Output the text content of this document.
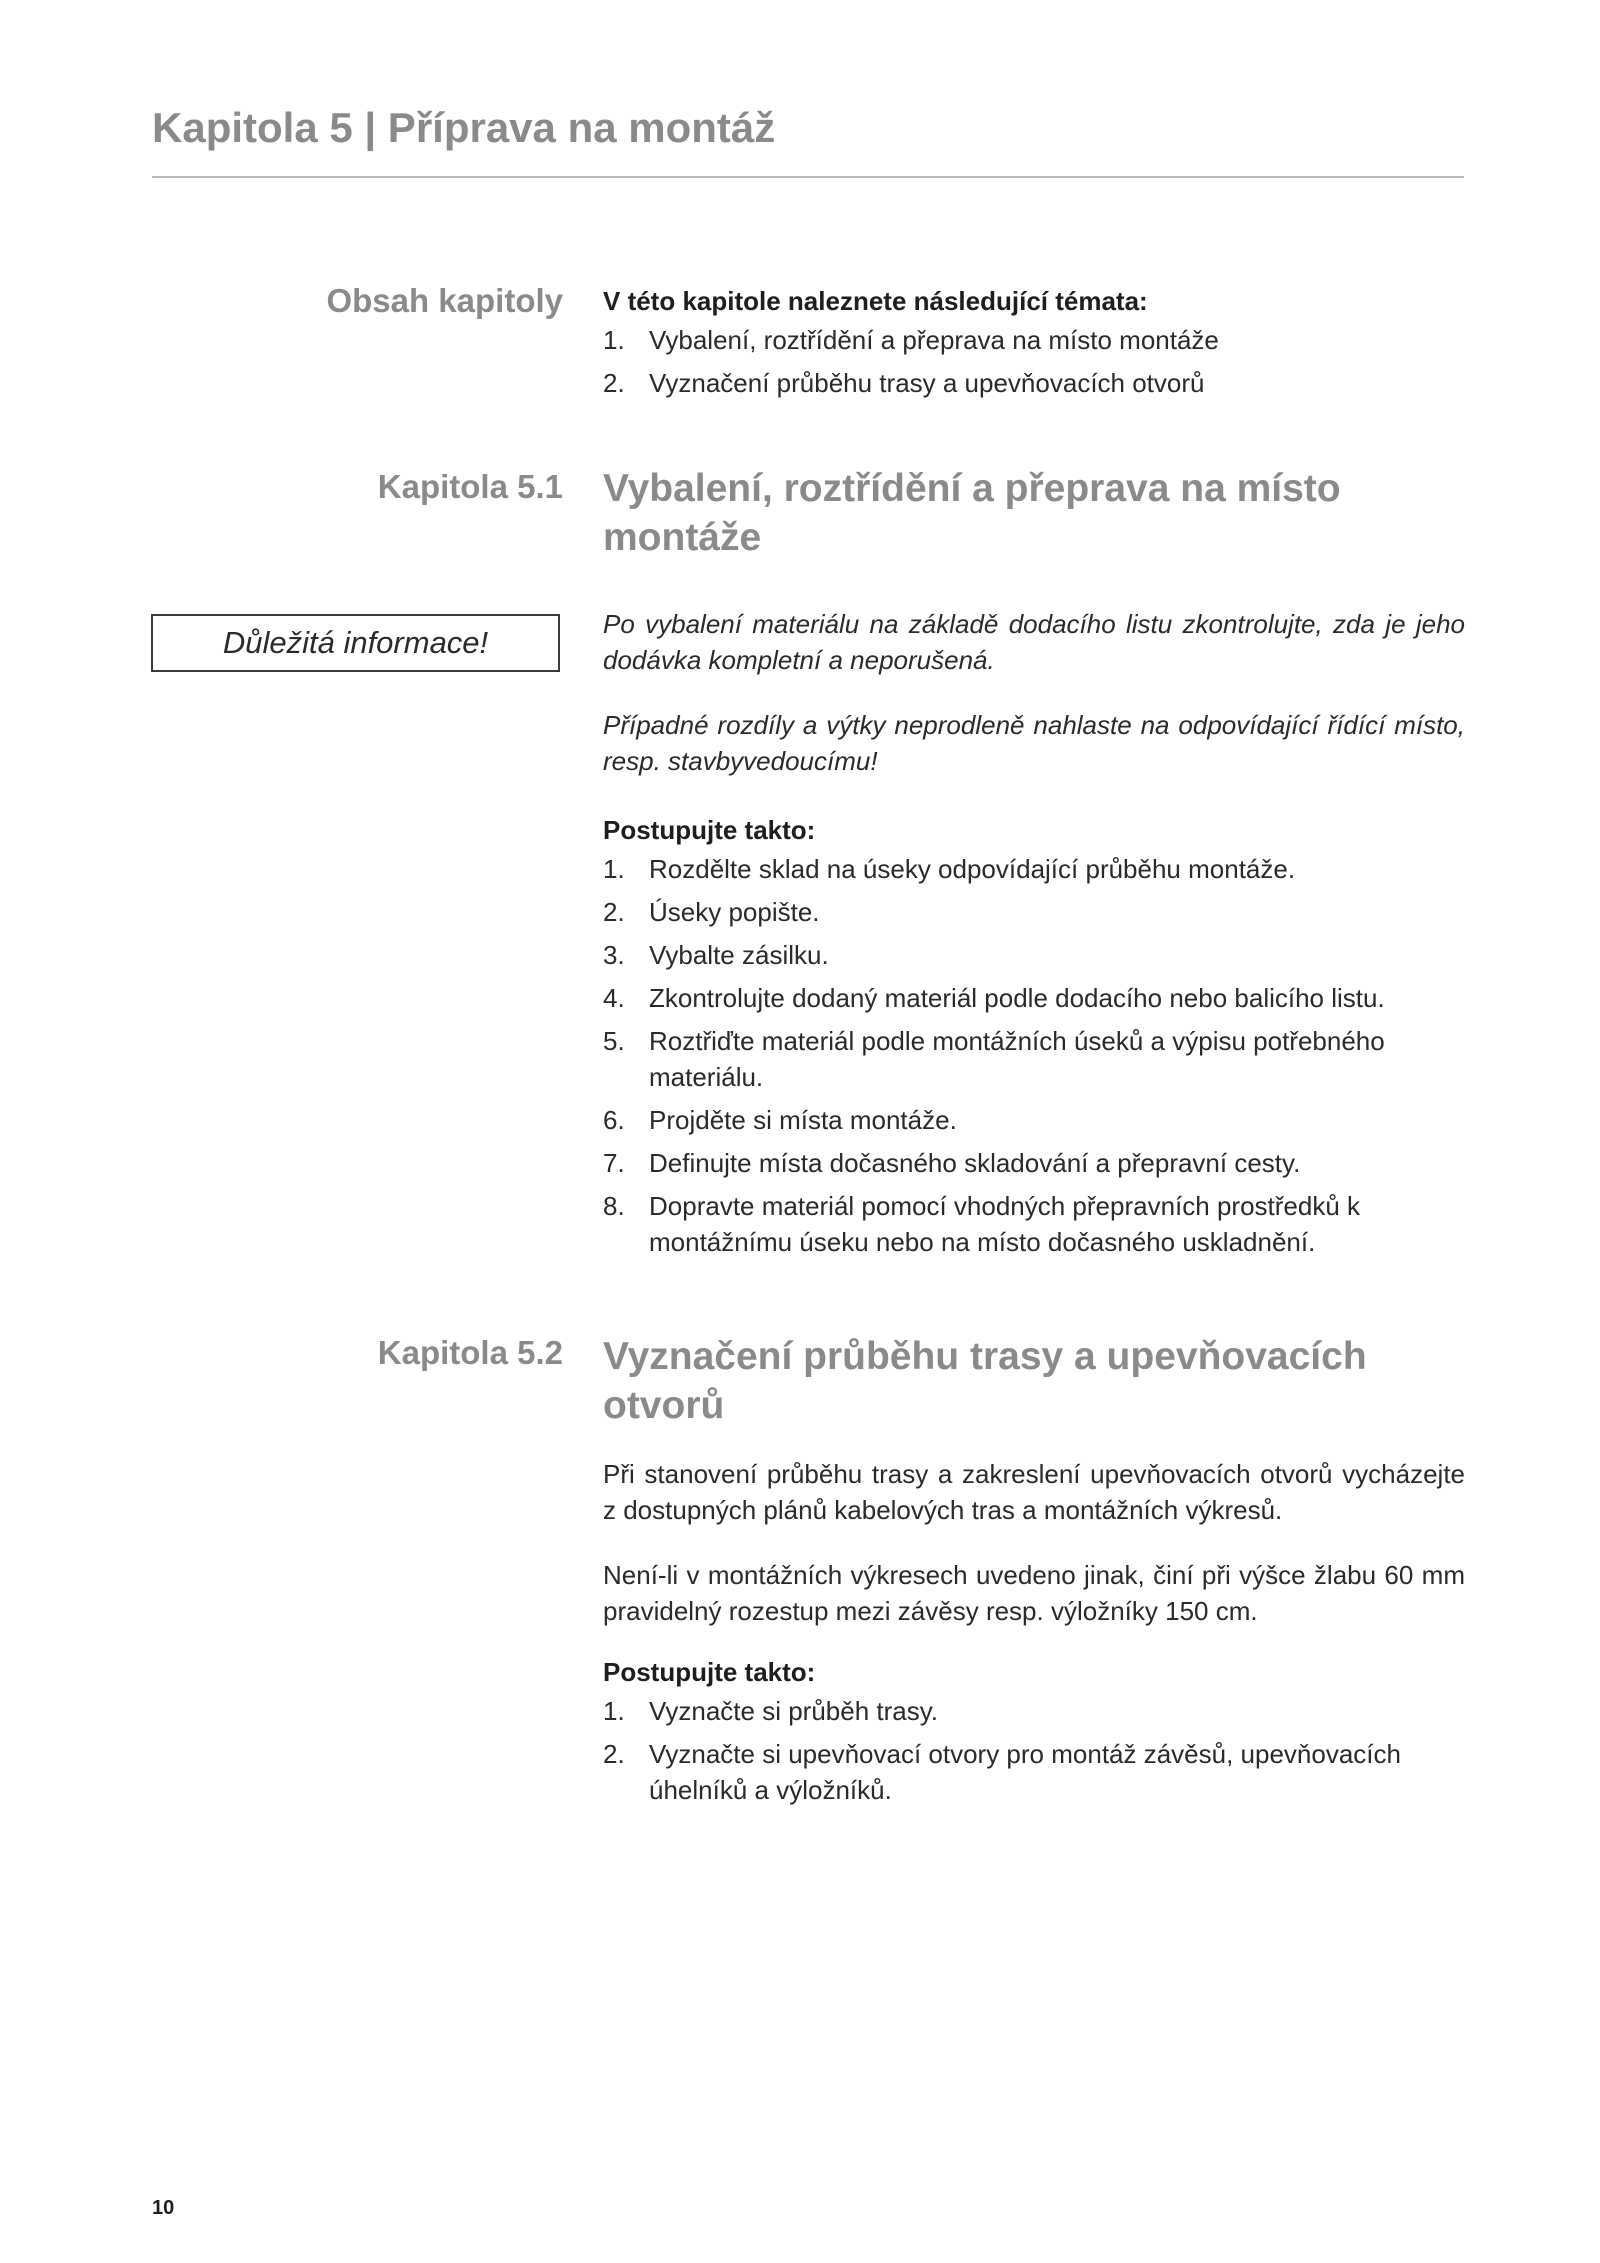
Kapitola 5 | Příprava na montáž

Obsah kapitoly V této kapitole naleznete následující témata:

1. Vybalení, roztřídění a přeprava na místo montáže
2. Vyznačení průběhu trasy a upevňovacích otvorů

Kapitola 5.1 Vybalení, roztřídění a přeprava na místo
montáže

Důležitá informace!

Po vybalení materiálu na základě dodacího listu zkontrolujte, zda je jeho dodávka kompletní a neporušená.

Případné rozdíly a výtky neprodleně nahlaste na odpovídající řídící místo, resp. stavbyvedoucímu!

Postupujte takto:

1. Rozdělte sklad na úseky odpovídající průběhu montáže.
2. Úseky popište.
3. Vybalte zásilku.
4. Zkontrolujte dodaný materiál podle dodacího nebo balicího listu.
5. Roztřiďte materiál podle montážních úseků a výpisu potřebného materiálu.
6. Projděte si místa montáže.
7. Definujte místa dočasného skladování a přepravní cesty.
8. Dopravte materiál pomocí vhodných přepravních prostředků k montážnímu úseku nebo na místo dočasného uskladnění.

Kapitola 5.2 Vyznačení průběhu trasy a upevňovacích otvorů

Při stanovení průběhu trasy a zakreslení upevňovacích otvorů vycházejte z dostupných plánů kabelových tras a montážních výkresů.

Není-li v montážních výkresech uvedeno jinak, činí při výšce žlabu 60 mm pravidelný rozestup mezi závěsy resp. výložníky 150 cm.

Postupujte takto:

1. Vyznačte si průběh trasy.
2. Vyznačte si upevňovací otvory pro montáž závěsů, upevňovacích úhelníků a výložníků.
10
